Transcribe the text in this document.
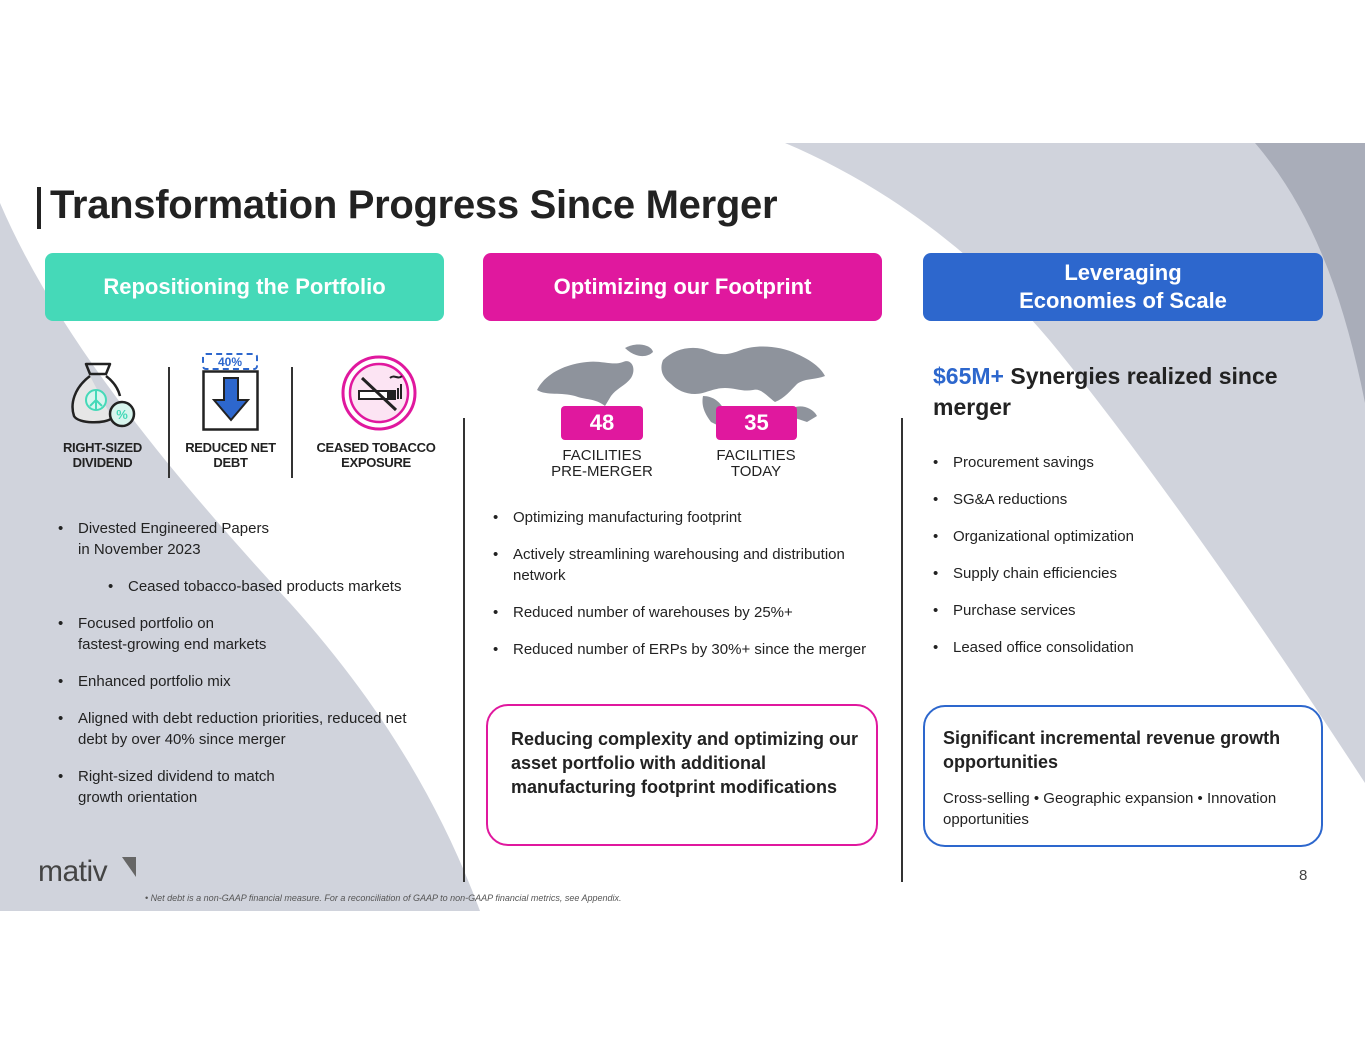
Transformation Progress Since Merger
Repositioning the Portfolio	Optimizing our Footprint
Leveraging
Economies of Scale
%
RIGHT-SIZED
DIVIDEND
40%
REDUCED NET
DEBT
CEASED TOBACCO
EXPOSURE
• Divested Engineered Papers
in November 2023
• Ceased tobacco-based products markets
• Focused portfolio on
fastest-growing end markets
• Enhanced portfolio mix
• Aligned with debt reduction priorities, reduced net
debt by over 40% since merger
• Right-sized dividend to match
growth orientation
48
FACILITIES
PRE-MERGER
35
FACILITIES
TODAY
• Optimizing manufacturing footprint
• Actively streamlining warehousing and distribution network
• Reduced number of warehouses by 25%+
• Reduced number of ERPs by 30%+ since the merger
Reducing complexity and optimizing our asset portfolio with additional manufacturing footprint modifications
$65M+ Synergies realized since merger
• Procurement savings
• SG&A reductions
• Organizational optimization
• Supply chain efficiencies
• Purchase services
• Leased office consolidation
Significant incremental revenue growth opportunities
Cross-selling • Geographic expansion • Innovation opportunities
mativ	8
• Net debt is a non-GAAP financial measure. For a reconciliation of GAAP to non-GAAP financial metrics, see Appendix.
